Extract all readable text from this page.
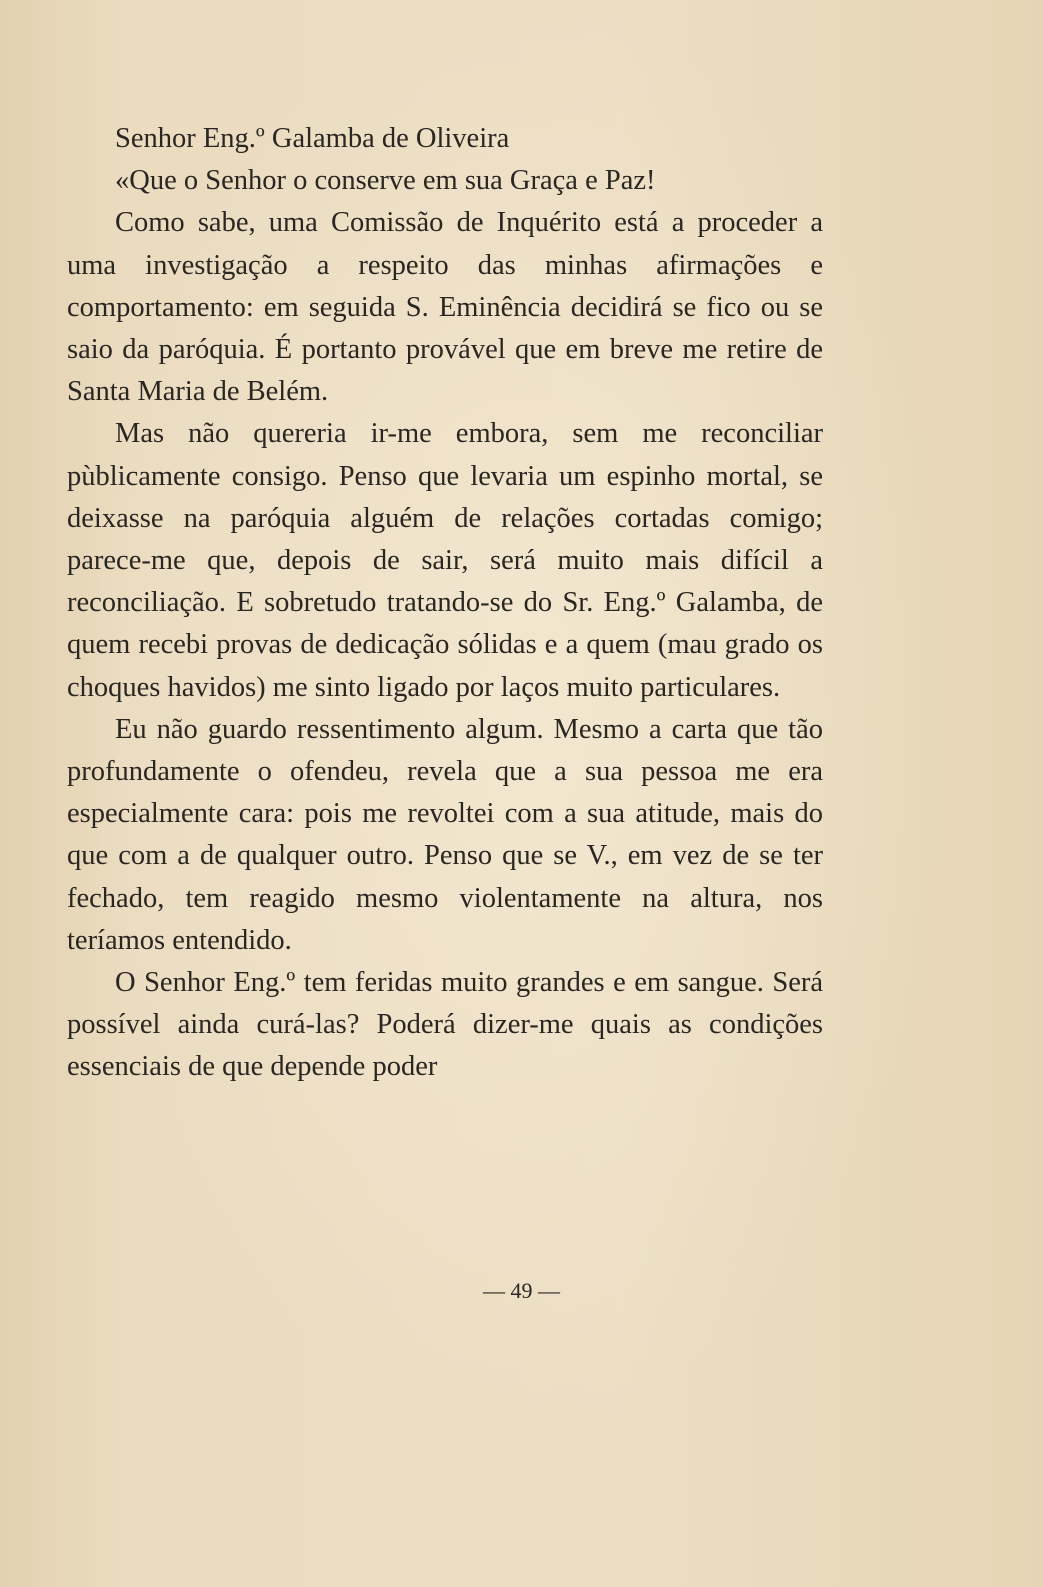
Senhor Eng.º Galamba de Oliveira

«Que o Senhor o conserve em sua Graça e Paz!

Como sabe, uma Comissão de Inquérito está a proceder a uma investigação a respeito das minhas afirmações e comportamento: em seguida S. Eminência decidirá se fico ou se saio da paróquia. É portanto provável que em breve me retire de Santa Maria de Belém.

Mas não quereria ir-me embora, sem me reconciliar pùblicamente consigo. Penso que levaria um espinho mortal, se deixasse na paróquia alguém de relações cortadas comigo; parece-me que, depois de sair, será muito mais difícil a reconciliação. E sobretudo tratando-se do Sr. Eng.º Galamba, de quem recebi provas de dedicação sólidas e a quem (mau grado os choques havidos) me sinto ligado por laços muito particulares.

Eu não guardo ressentimento algum. Mesmo a carta que tão profundamente o ofendeu, revela que a sua pessoa me era especialmente cara: pois me revoltei com a sua atitude, mais do que com a de qualquer outro. Penso que se V., em vez de se ter fechado, tem reagido mesmo violentamente na altura, nos teríamos entendido.

O Senhor Eng.º tem feridas muito grandes e em sangue. Será possível ainda curá-las? Poderá dizer-me quais as condições essenciais de que depende poder

— 49 —
